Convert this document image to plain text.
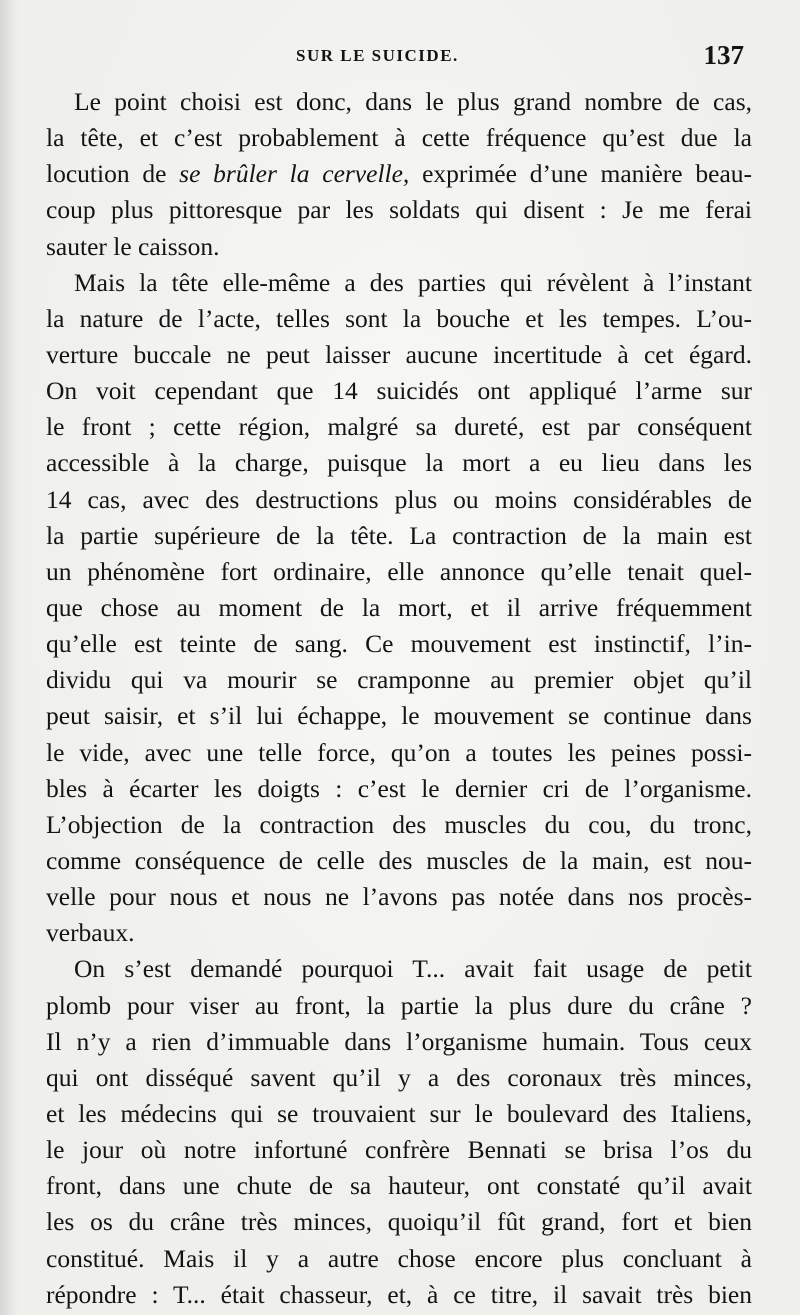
SUR LE SUICIDE.	137
Le point choisi est donc, dans le plus grand nombre de cas,
la tête, et c’est probablement à cette fréquence qu’est due la
locution de se brûler la cervelle, exprimée d’une manière beau-
coup plus pittoresque par les soldats qui disent : Je me ferai
sauter le caisson.
Mais la tête elle-même a des parties qui révèlent à l’instant
la nature de l’acte, telles sont la bouche et les tempes. L’ou-
verture buccale ne peut laisser aucune incertitude à cet égard.
On voit cependant que 14 suicidés ont appliqué l’arme sur
le front ; cette région, malgré sa dureté, est par conséquent
accessible à la charge, puisque la mort a eu lieu dans les
14 cas, avec des destructions plus ou moins considérables de
la partie supérieure de la tête. La contraction de la main est
un phénomène fort ordinaire, elle annonce qu’elle tenait quel-
que chose au moment de la mort, et il arrive fréquemment
qu’elle est teinte de sang. Ce mouvement est instinctif, l’in-
dividu qui va mourir se cramponne au premier objet qu’il
peut saisir, et s’il lui échappe, le mouvement se continue dans
le vide, avec une telle force, qu’on a toutes les peines possi-
bles à écarter les doigts : c’est le dernier cri de l’organisme.
L’objection de la contraction des muscles du cou, du tronc,
comme conséquence de celle des muscles de la main, est nou-
velle pour nous et nous ne l’avons pas notée dans nos procès-
verbaux.
On s’est demandé pourquoi T... avait fait usage de petit
plomb pour viser au front, la partie la plus dure du crâne ?
Il n’y a rien d’immuable dans l’organisme humain. Tous ceux
qui ont disséqué savent qu’il y a des coronaux très minces,
et les médecins qui se trouvaient sur le boulevard des Italiens,
le jour où notre infortuné confrère Bennati se brisa l’os du
front, dans une chute de sa hauteur, ont constaté qu’il avait
les os du crâne très minces, quoiqu’il fût grand, fort et bien
constitué. Mais il y a autre chose encore plus concluant à
répondre : T... était chasseur, et, à ce titre, il savait très bien
